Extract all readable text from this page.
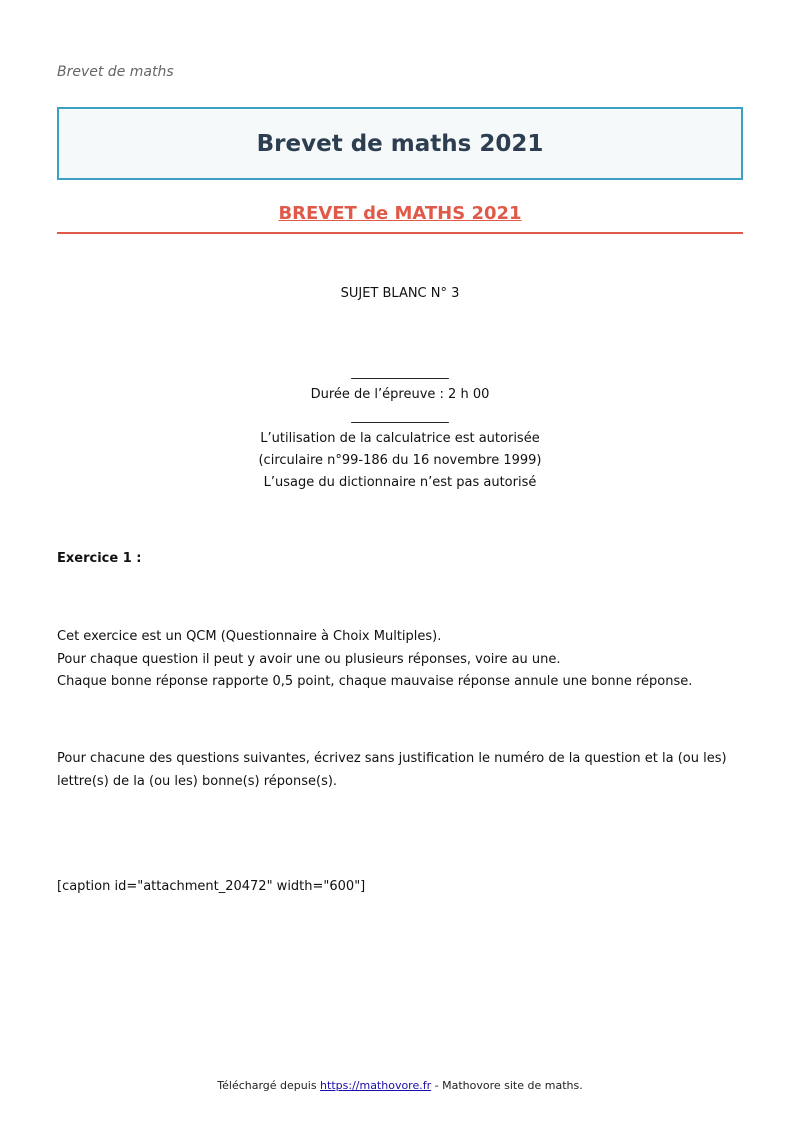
Brevet de maths
Brevet de maths 2021
BREVET de MATHS 2021
SUJET BLANC N° 3
_______________
Durée de l’épreuve : 2 h 00
_______________
L’utilisation de la calculatrice est autorisée
(circulaire n°99-186 du 16 novembre 1999)
L’usage du dictionnaire n’est pas autorisé
Exercice 1 :
Cet exercice est un QCM (Questionnaire à Choix Multiples).
Pour chaque question il peut y avoir une ou plusieurs réponses, voire au une.
Chaque bonne réponse rapporte 0,5 point, chaque mauvaise réponse annule une bonne réponse.
Pour chacune des questions suivantes, écrivez sans justification le numéro de la question et la (ou les) lettre(s) de la (ou les) bonne(s) réponse(s).
[caption id="attachment_20472" width="600"]
Téléchargé depuis https://mathovore.fr - Mathovore site de maths.
